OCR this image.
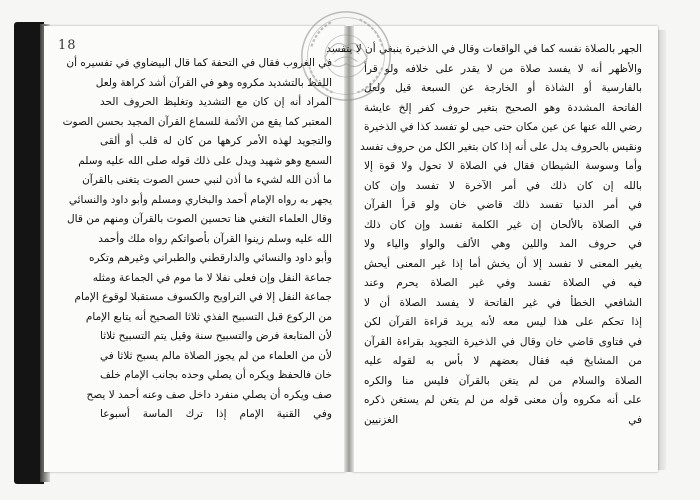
18
في الغروب فقال في التحفة كما قال البيضاوي في تفسيره أن
اللفظ بالتشديد مكروه وهو في القرآن أشد كراهة ولعل
المراد أنه إن كان مع التشديد وتغليظ الحروف الحد
المعتبر كما يقع من الأئمة للسماع القرآن المجيد بحسن الصوت
والتجويد لهذه الأمر كرهها من كان له قلب أو ألقى
السمع وهو شهيد ويدل على ذلك قوله صلى الله عليه وسلم
ما أذن الله لشيء ما أذن لنبي حسن الصوت يتغنى بالقرآن
يجهر به رواه الإمام أحمد والبخاري ومسلم وأبو داود والنسائي
وقال العلماء التغني هنا تحسين الصوت بالقرآن ومنهم من قال
الله عليه وسلم زينوا القرآن بأصواتكم رواه ملك وأحمد
وأبو داود والنسائي والدارقطني والطبراني وغيرهم وتكره
جماعة النفل وإن فعلى نفلا لا ما موم في الجماعة ومثله
جماعة النفل إلا في التراويح والكسوف مستقبلا لوقوع الإمام
من الركوع قبل التسبيح الفذي ثلاثا الصحيح أنه يتابع الإمام
لأن المتابعة فرض والتسبيح سنة وقيل يتم التسبيح ثلاثا
لأن من العلماء من لم يجوز الصلاة مالم يسبح ثلاثا في
خان فالحفظ ويكره أن يصلي وحده بجانب الإمام خلف
صف ويكره أن يصلي منفرد داخل صف وعنه أحمد لا يصح
وفي القنية الإمام إذا ترك الماسة أسبوعا
الجهر بالصلاة نفسه كما في الواقعات وقال في الذخيرة ينبغي أن لا يتفسد
والأظهر أنه لا يفسد صلاة من لا يقدر على خلافه ولو قرأ
بالفارسية أو الشاذة أو الخارجة عن السبعة قيل ولعل
الفاتحة المشددة وهو الصحيح بتغير حروف كفر إلخ عايشة
رضي الله عنها عن عين مكان حتى حيى لو تفسد كذا في الذخيرة
ونقيس بالحروف يدل على أنه إذا كان بتغير الكل من حروف تفسد
وأما وسوسة الشيطان فقال في الصلاة لا تحول ولا قوة إلا
بالله إن كان ذلك في أمر الآخرة لا تفسد وإن كان
في أمر الدنيا تفسد ذلك قاضي خان ولو قرأ القرآن
في الصلاة بالألحان إن غير الكلمة تفسد وإن كان ذلك
في حروف المد واللين وهي الألف والواو والياء ولا
يغير المعنى لا تفسد إلا أن يخش أما إذا غير المعنى أيحش
فيه في الصلاة تفسد وفي غير الصلاة يحرم وعند
الشافعي الخطأ في غير الفاتحة لا يفسد الصلاة أن لا
إذا تحكم على هذا ليس معه لأنه يريد قراءة القرآن لكن
في فتاوى قاضي خان وقال في الذخيرة التجويد بقراءة القرآن
من المشايخ فيه فقال بعضهم لا بأس به لقوله عليه
الصلاة والسلام من لم يتغن بالقرآن فليس منا والكره
على أنه مكروه وأن معنى قوله من لم يتغن لم يستغن ذكره
في الغزنيين
